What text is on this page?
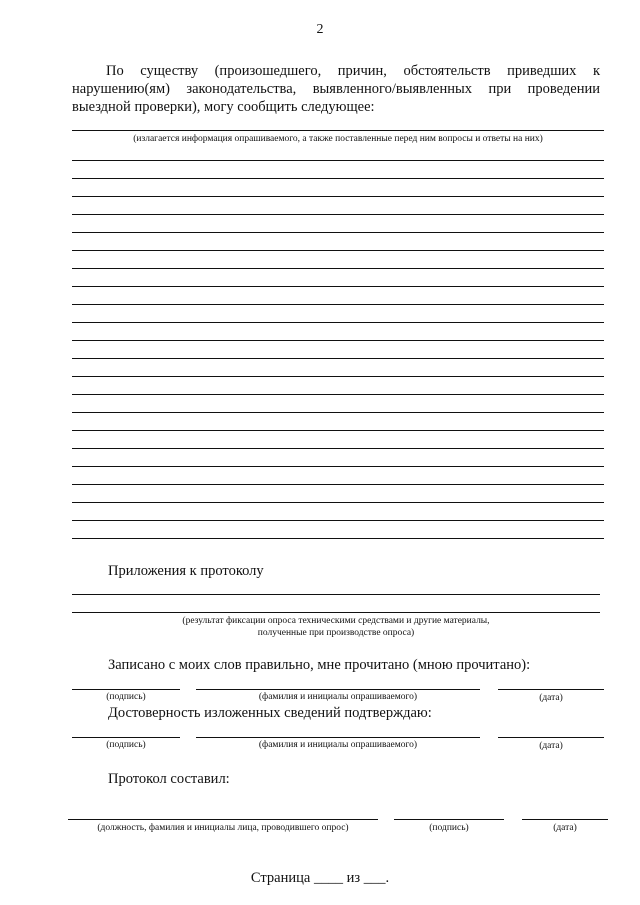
2
По существу (произошедшего, причин, обстоятельств приведших к нарушению(ям) законодательства, выявленного/выявленных при проведении выездной проверки), могу сообщить следующее:
(излагается информация опрашиваемого, а также поставленные перед ним вопросы и ответы на них)
Приложения к протоколу
(результат фиксации опроса техническими средствами и другие материалы,
полученные при производстве опроса)
Записано с моих слов правильно, мне прочитано (мною прочитано):
(подпись)	(фамилия и инициалы опрашиваемого)	(дата)
Достоверность изложенных сведений подтверждаю:
(подпись)	(фамилия и инициалы опрашиваемого)	(дата)
Протокол составил:
(должность, фамилия и инициалы лица, проводившего опрос)	(подпись)	(дата)
Страница ____ из ___.
